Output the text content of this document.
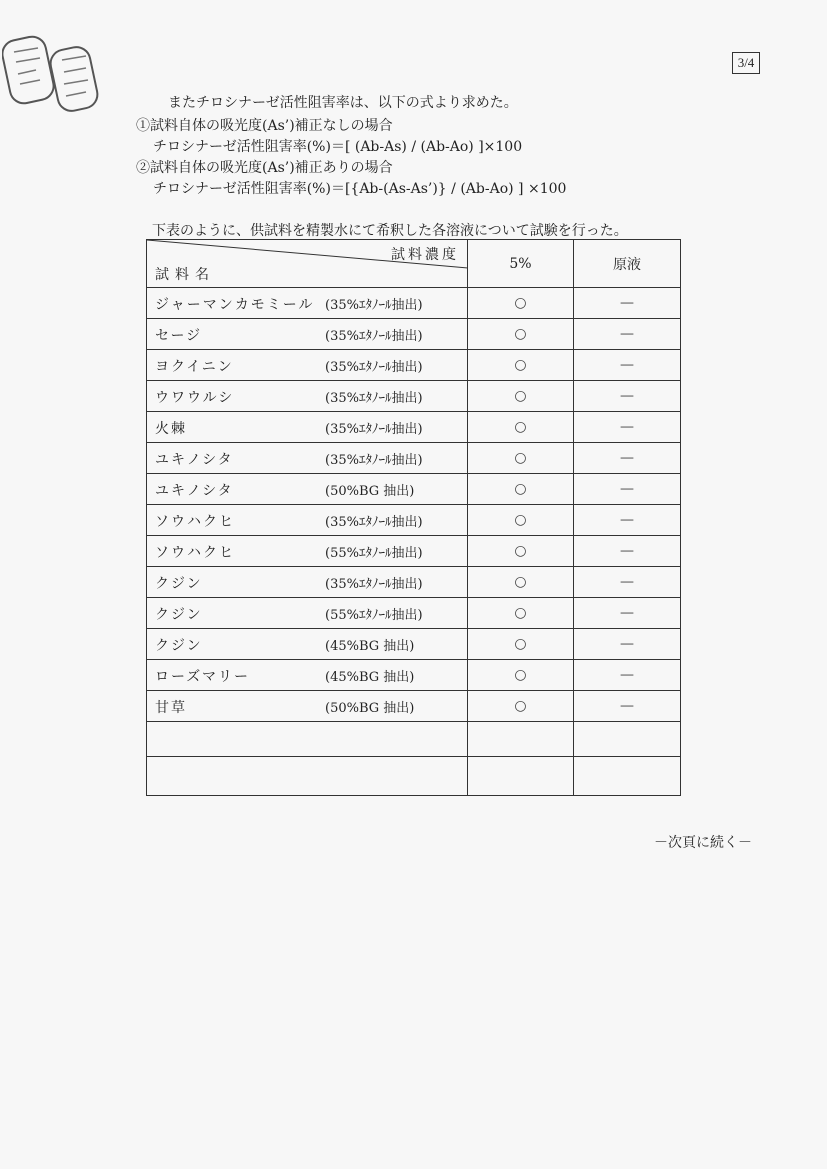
3/4
またチロシナーゼ活性阻害率は、以下の式より求めた。
①試料自体の吸光度(As’)補正なしの場合
チロシナーゼ活性阻害率(%)＝[ (Ab-As) / (Ab-Ao) ]×100
②試料自体の吸光度(As’)補正ありの場合
チロシナーゼ活性阻害率(%)＝[{Ab-(As-As’)} / (Ab-Ao) ] ×100
下表のように、供試料を精製水にて希釈した各溶液について試験を行った。
試料濃度
試料名	5%	原液

ジャーマンカモミール (35%ｴﾀﾉｰﾙ抽出)	○	—

セージ (35%ｴﾀﾉｰﾙ抽出)	○	—

ヨクイニン (35%ｴﾀﾉｰﾙ抽出)	○	—

ウワウルシ (35%ｴﾀﾉｰﾙ抽出)	○	—

火棘 (35%ｴﾀﾉｰﾙ抽出)	○	—

ユキノシタ (35%ｴﾀﾉｰﾙ抽出)	○	—

ユキノシタ (50%BG 抽出)	○	—

ソウハクヒ (35%ｴﾀﾉｰﾙ抽出)	○	—

ソウハクヒ (55%ｴﾀﾉｰﾙ抽出)	○	—

クジン (35%ｴﾀﾉｰﾙ抽出)	○	—

クジン (55%ｴﾀﾉｰﾙ抽出)	○	—

クジン (45%BG 抽出)	○	—

ローズマリー (45%BG 抽出)	○	—

甘草 (50%BG 抽出)	○	—

－次頁に続く－
